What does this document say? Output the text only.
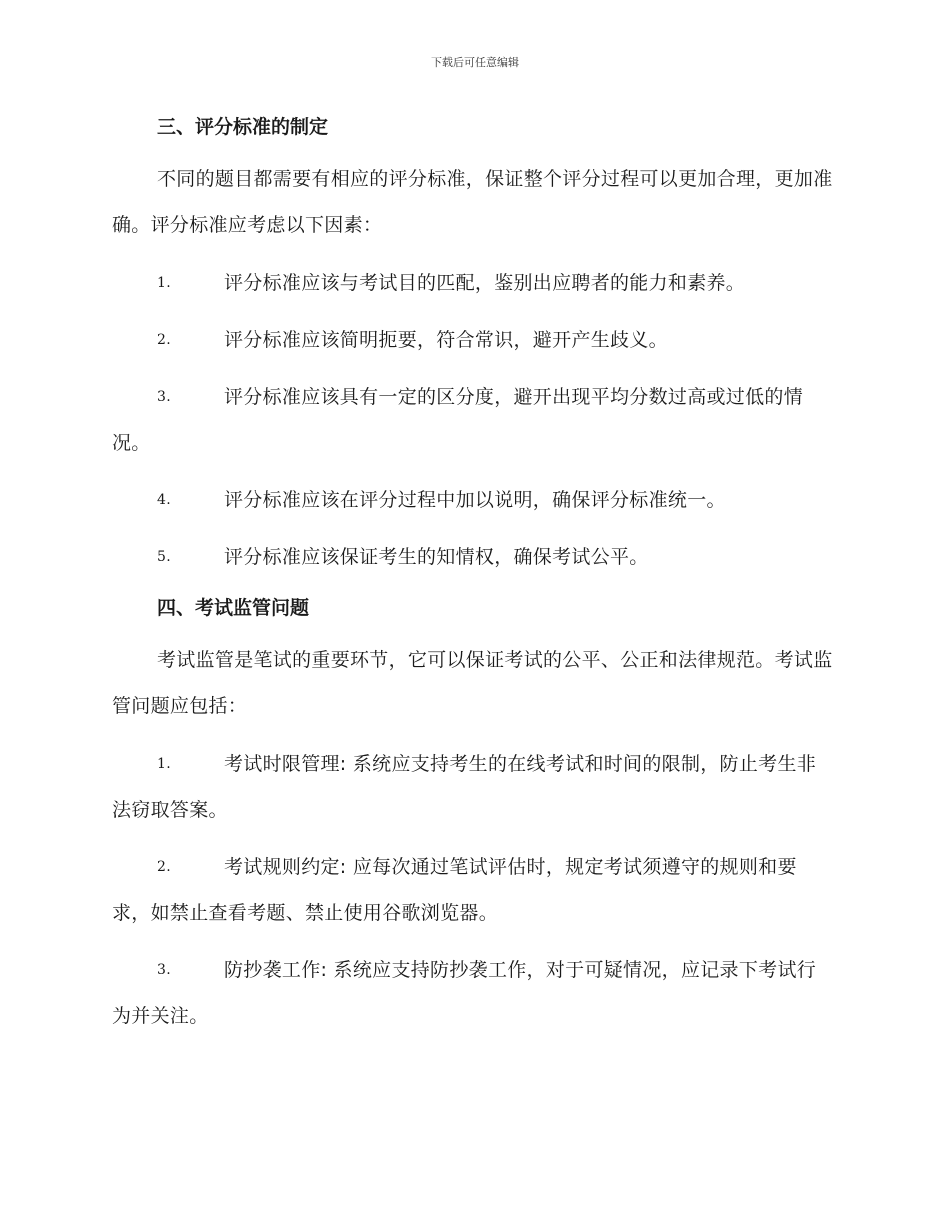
下载后可任意编辑
三、评分标准的制定
不同的题目都需要有相应的评分标准，保证整个评分过程可以更加合理，更加准确。评分标准应考虑以下因素：
1.	评分标准应该与考试目的匹配，鉴别出应聘者的能力和素养。
2.	评分标准应该简明扼要，符合常识，避开产生歧义。
3.	评分标准应该具有一定的区分度，避开出现平均分数过高或过低的情况。
4.	评分标准应该在评分过程中加以说明，确保评分标准统一。
5.	评分标准应该保证考生的知情权，确保考试公平。
四、考试监管问题
考试监管是笔试的重要环节，它可以保证考试的公平、公正和法律规范。考试监管问题应包括：
1.	考试时限管理: 系统应支持考生的在线考试和时间的限制，防止考生非法窃取答案。
2.	考试规则约定: 应每次通过笔试评估时，规定考试须遵守的规则和要求，如禁止查看考题、禁止使用谷歌浏览器。
3.	防抄袭工作: 系统应支持防抄袭工作，对于可疑情况，应记录下考试行为并关注。
